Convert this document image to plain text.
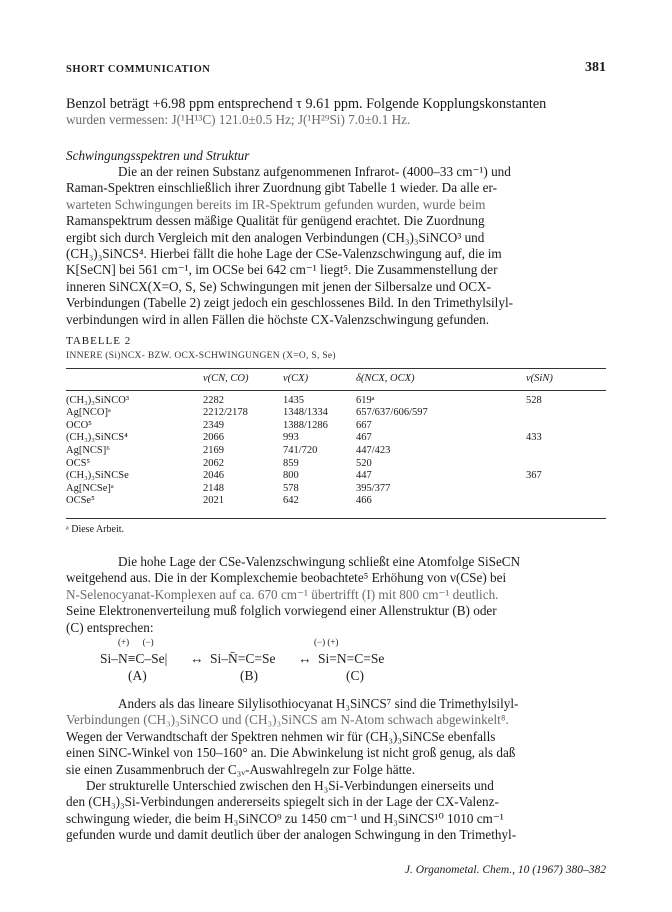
SHORT COMMUNICATION	381
Benzol beträgt +6.98 ppm entsprechend τ 9.61 ppm. Folgende Kopplungskonstanten
wurden vermessen: J(¹H¹³C) 121.0±0.5 Hz; J(¹H²⁹Si) 7.0±0.1 Hz.
Schwingungsspektren und Struktur
Die an der reinen Substanz aufgenommenen Infrarot- (4000–33 cm⁻¹) und
Raman-Spektren einschließlich ihrer Zuordnung gibt Tabelle 1 wieder. Da alle er-
warteten Schwingungen bereits im IR-Spektrum gefunden wurden, wurde beim
Ramanspektrum dessen mäßige Qualität für genügend erachtet. Die Zuordnung
ergibt sich durch Vergleich mit den analogen Verbindungen (CH₃)₃SiNCO³ und
(CH₃)₃SiNCS⁴. Hierbei fällt die hohe Lage der CSe-Valenzschwingung auf, die im
K[SeCN] bei 561 cm⁻¹, im OCSe bei 642 cm⁻¹ liegt⁵. Die Zusammenstellung der
inneren SiNCX(X=O, S, Se) Schwingungen mit jenen der Silbersalze und OCX-
Verbindungen (Tabelle 2) zeigt jedoch ein geschlossenes Bild. In den Trimethylsilyl-
verbindungen wird in allen Fällen die höchste CX-Valenzschwingung gefunden.
TABELLE 2
INNERE (Si)NCX- BZW. OCX-SCHWINGUNGEN (X=O, S, Se)
	ν(CN, CO)	ν(CX)	δ(NCX, OCX)	ν(SiN)

(CH₃)₃SiNCO³	2282	1435	619ᵃ	528
Ag[NCO]ᵃ	2212/2178	1348/1334	657/637/606/597	
OCO⁵	2349	1388/1286	667	
(CH₃)₃SiNCS⁴	2066	993	467	433
Ag[NCS]⁶	2169	741/720	447/423	
OCS⁵	2062	859	520	
(CH₃)₃SiNCSe	2046	800	447	367
Ag[NCSe]ᵃ	2148	578	395/377	
OCSe⁵	2021	642	466	
ᵃ Diese Arbeit.
Die hohe Lage der CSe-Valenzschwingung schließt eine Atomfolge SiSeCN
weitgehend aus. Die in der Komplexchemie beobachtete⁵ Erhöhung von ν(CSe) bei
N-Selenocyanat-Komplexen auf ca. 670 cm⁻¹ übertrifft (I) mit 800 cm⁻¹ deutlich.
Seine Elektronenverteilung muß folglich vorwiegend einer Allenstruktur (B) oder
(C) entsprechen:
(+)      (−)	(−) (+)
Si–N≡C–Se| ↔ Si–N̄=C=Se ↔ Si=N=C=Se
(A)	(B)	(C)
Anders als das lineare Silylisothiocyanat H₃SiNCS⁷ sind die Trimethylsilyl-
Verbindungen (CH₃)₃SiNCO und (CH₃)₃SiNCS am N-Atom schwach abgewinkelt⁸.
Wegen der Verwandtschaft der Spektren nehmen wir für (CH₃)₃SiNCSe ebenfalls
einen SiNC-Winkel von 150–160° an. Die Abwinkelung ist nicht groß genug, als daß
sie einen Zusammenbruch der C₃ᵥ-Auswahlregeln zur Folge hätte.
Der strukturelle Unterschied zwischen den H₃Si-Verbindungen einerseits und
den (CH₃)₃Si-Verbindungen andererseits spiegelt sich in der Lage der CX-Valenz-
schwingung wieder, die beim H₃SiNCO⁹ zu 1450 cm⁻¹ und H₃SiNCS¹⁰ 1010 cm⁻¹
gefunden wurde und damit deutlich über der analogen Schwingung in den Trimethyl-
J. Organometal. Chem., 10 (1967) 380–382
